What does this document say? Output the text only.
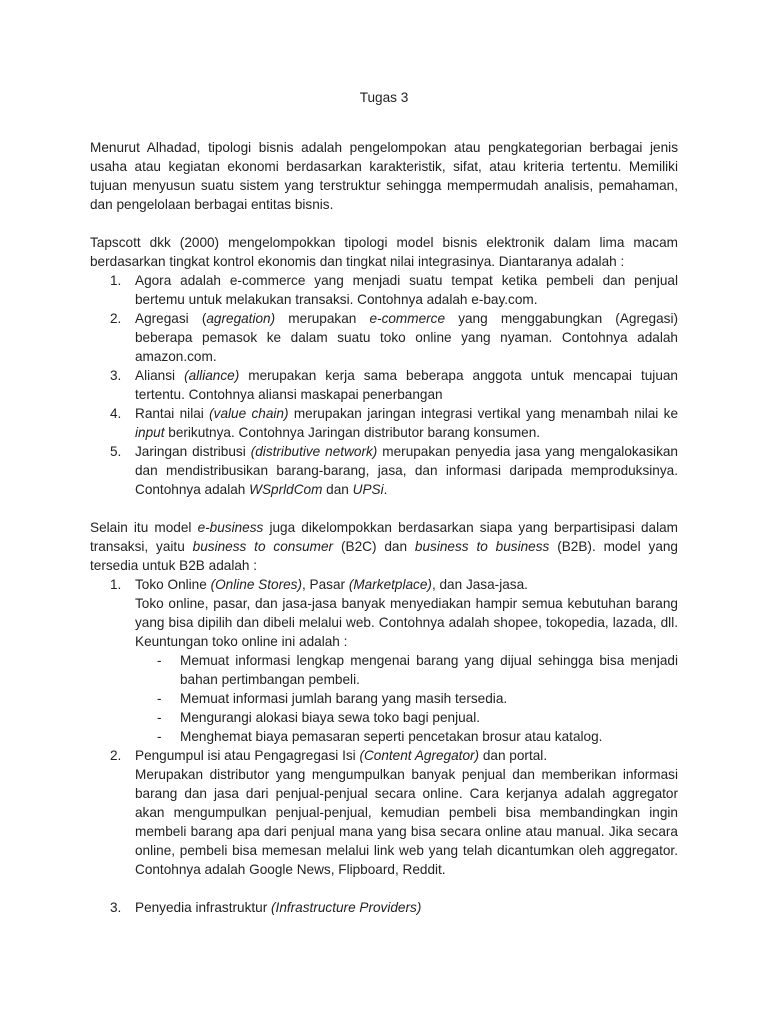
Tugas 3

Menurut Alhadad, tipologi bisnis adalah pengelompokan atau pengkategorian berbagai jenis usaha atau kegiatan ekonomi berdasarkan karakteristik, sifat, atau kriteria tertentu. Memiliki tujuan menyusun suatu sistem yang terstruktur sehingga mempermudah analisis, pemahaman, dan pengelolaan berbagai entitas bisnis.

Tapscott dkk (2000) mengelompokkan tipologi model bisnis elektronik dalam lima macam berdasarkan tingkat kontrol ekonomis dan tingkat nilai integrasinya. Diantaranya adalah :

1. Agora adalah e-commerce yang menjadi suatu tempat ketika pembeli dan penjual bertemu untuk melakukan transaksi. Contohnya adalah e-bay.com.
2. Agregasi (agregation) merupakan e-commerce yang menggabungkan (Agregasi) beberapa pemasok ke dalam suatu toko online yang nyaman. Contohnya adalah amazon.com.
3. Aliansi (alliance) merupakan kerja sama beberapa anggota untuk mencapai tujuan tertentu. Contohnya aliansi maskapai penerbangan
4. Rantai nilai (value chain) merupakan jaringan integrasi vertikal yang menambah nilai ke input berikutnya. Contohnya Jaringan distributor barang konsumen.
5. Jaringan distribusi (distributive network) merupakan penyedia jasa yang mengalokasikan dan mendistribusikan barang-barang, jasa, dan informasi daripada memproduksinya. Contohnya adalah WSprldCom dan UPSi.

Selain itu model e-business juga dikelompokkan berdasarkan siapa yang berpartisipasi dalam transaksi, yaitu business to consumer (B2C) dan business to business (B2B). model yang tersedia untuk B2B adalah :

1. Toko Online (Online Stores), Pasar (Marketplace), dan Jasa-jasa.

Toko online, pasar, dan jasa-jasa banyak menyediakan hampir semua kebutuhan barang yang bisa dipilih dan dibeli melalui web. Contohnya adalah shopee, tokopedia, lazada, dll. Keuntungan toko online ini adalah :

- Memuat informasi lengkap mengenai barang yang dijual sehingga bisa menjadi bahan pertimbangan pembeli.
- Memuat informasi jumlah barang yang masih tersedia.
- Mengurangi alokasi biaya sewa toko bagi penjual.
- Menghemat biaya pemasaran seperti pencetakan brosur atau katalog.
2. Pengumpul isi atau Pengagregasi Isi (Content Agregator) dan portal.

Merupakan distributor yang mengumpulkan banyak penjual dan memberikan informasi barang dan jasa dari penjual-penjual secara online. Cara kerjanya adalah aggregator akan mengumpulkan penjual-penjual, kemudian pembeli bisa membandingkan ingin membeli barang apa dari penjual mana yang bisa secara online atau manual. Jika secara online, pembeli bisa memesan melalui link web yang telah dicantumkan oleh aggregator. Contohnya adalah Google News, Flipboard, Reddit.

3. Penyedia infrastruktur (Infrastructure Providers)
